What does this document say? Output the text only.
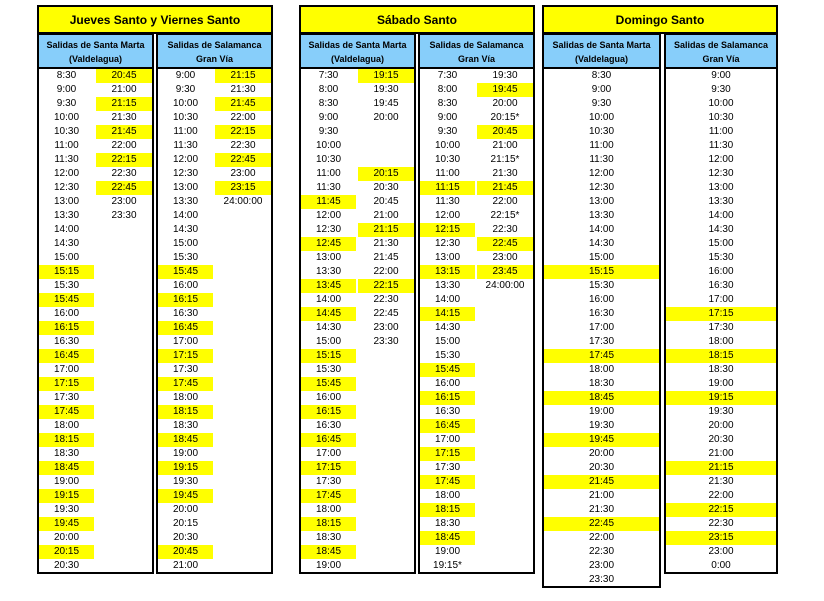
Jueves Santo y Viernes Santo
Salidas de Santa Marta
(Valdelagua)
8:30	20:45
9:00	21:00
9:30	21:15
10:00	21:30
10:30	21:45
11:00	22:00
11:30	22:15
12:00	22:30
12:30	22:45
13:00	23:00
13:30	23:30
14:00
14:30
15:00
15:15
15:30
15:45
16:00
16:15
16:30
16:45
17:00
17:15
17:30
17:45
18:00
18:15
18:30
18:45
19:00
19:15
19:30
19:45
20:00
20:15
20:30
Salidas de Salamanca
Gran Vía
9:00	21:15
9:30	21:30
10:00	21:45
10:30	22:00
11:00	22:15
11:30	22:30
12:00	22:45
12:30	23:00
13:00	23:15
13:30	24:00:00
14:00
14:30
15:00
15:30
15:45
16:00
16:15
16:30
16:45
17:00
17:15
17:30
17:45
18:00
18:15
18:30
18:45
19:00
19:15
19:30
19:45
20:00
20:15
20:30
20:45
21:00
Sábado Santo
Salidas de Santa Marta
(Valdelagua)
7:30	19:15
8:00	19:30
8:30	19:45
9:00	20:00
9:30
10:00
10:30
11:00	20:15
11:30	20:30
11:45	20:45
12:00	21:00
12:30	21:15
12:45	21:30
13:00	21:45
13:30	22:00
13:45	22:15
14:00	22:30
14:45	22:45
14:30	23:00
15:00	23:30
15:15
15:30
15:45
16:00
16:15
16:30
16:45
17:00
17:15
17:30
17:45
18:00
18:15
18:30
18:45
19:00
Salidas de Salamanca
Gran Vía
7:30	19:30
8:00	19:45
8:30	20:00
9:00	20:15*
9:30	20:45
10:00	21:00
10:30	21:15*
11:00	21:30
11:15	21:45
11:30	22:00
12:00	22:15*
12:15	22:30
12:30	22:45
13:00	23:00
13:15	23:45
13:30	24:00:00
14:00
14:15
14:30
15:00
15:30
15:45
16:00
16:15
16:30
16:45
17:00
17:15
17:30
17:45
18:00
18:15
18:30
18:45
19:00
19:15*
Domingo Santo
Salidas de Santa Marta
(Valdelagua)
8:30
9:00
9:30
10:00
10:30
11:00
11:30
12:00
12:30
13:00
13:30
14:00
14:30
15:00
15:15
15:30
16:00
16:30
17:00
17:30
17:45
18:00
18:30
18:45
19:00
19:30
19:45
20:00
20:30
21:45
21:00
21:30
22:45
22:00
22:30
23:00
23:30
Salidas de Salamanca
Gran Vía
9:00
9:30
10:00
10:30
11:00
11:30
12:00
12:30
13:00
13:30
14:00
14:30
15:00
15:30
16:00
16:30
17:00
17:15
17:30
18:00
18:15
18:30
19:00
19:15
19:30
20:00
20:30
21:00
21:15
21:30
22:00
22:15
22:30
23:15
23:00
0:00
